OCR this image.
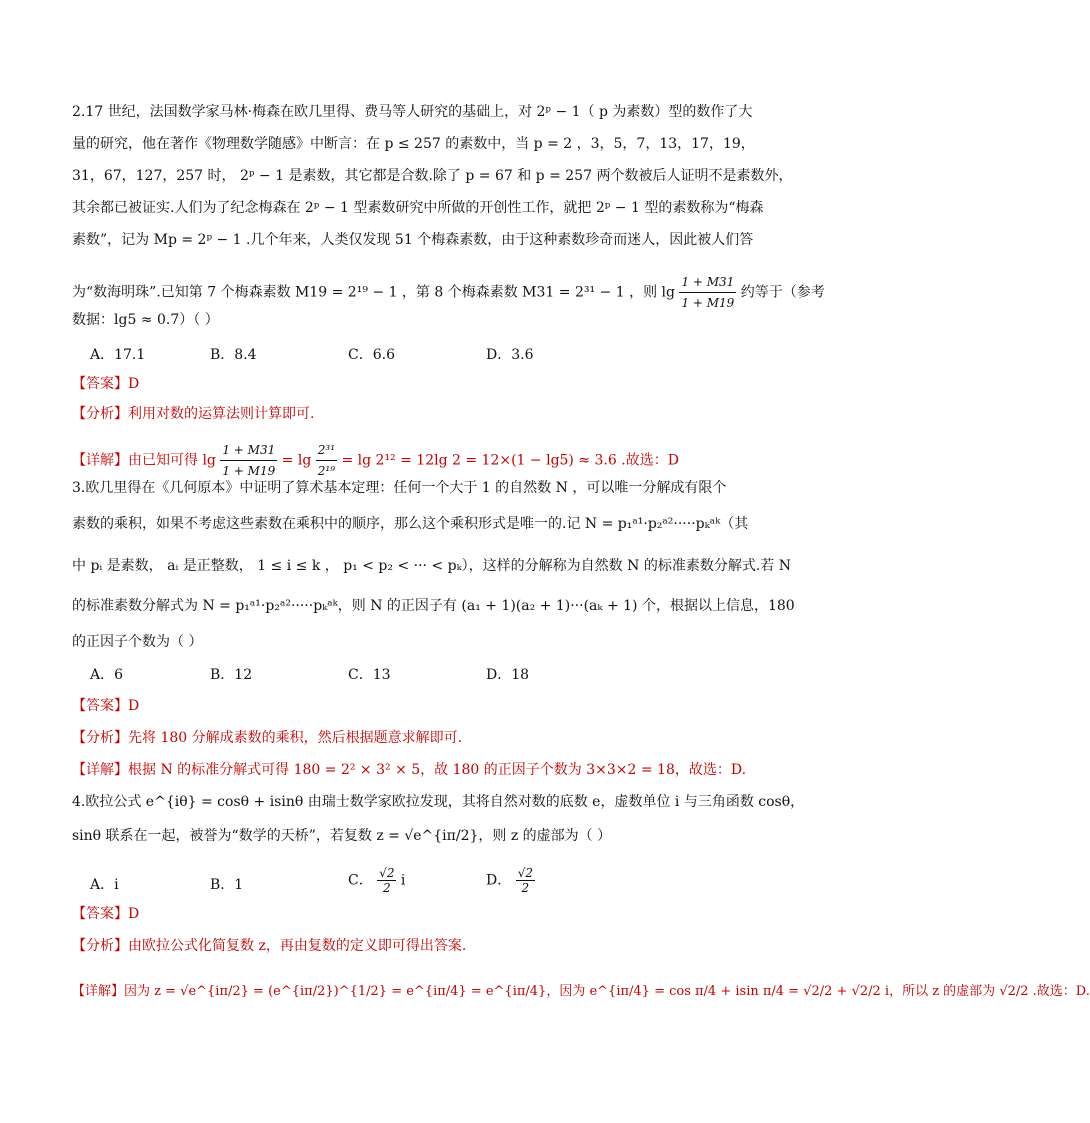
2.17 世纪，法国数学家马林·梅森在欧几里得、费马等人研究的基础上，对 2ᵖ − 1（ p 为素数）型的数作了大
量的研究，他在著作《物理数学随感》中断言：在 p ≤ 257 的素数中，当 p = 2 ，3，5，7，13，17，19，
31，67，127，257 时， 2ᵖ − 1 是素数，其它都是合数.除了 p = 67 和 p = 257 两个数被后人证明不是素数外，
其余都已被证实.人们为了纪念梅森在 2ᵖ − 1 型素数研究中所做的开创性工作，就把 2ᵖ − 1 型的素数称为“梅森
素数”，记为 Mp = 2ᵖ − 1 .几个年来，人类仅发现 51 个梅森素数，由于这种素数珍奇而迷人，因此被人们答
为“数海明珠”.已知第 7 个梅森素数 M19 = 2¹⁹ − 1 ，第 8 个梅森素数 M31 = 2³¹ − 1 ，则 $\lg \frac{1 + M31}{1 + M19}$ 约等于（参考
数据：lg5 ≈ 0.7）（ ）
A．17.1	B．8.4	C．6.6	D．3.6
【答案】D
【分析】利用对数的运算法则计算即可.
【详解】由已知可得 $\lg \frac{1 + M31}{1 + M19} = \lg \frac{\text{2³¹}}{\text{2¹⁹}} = \lg 2^{12} = 12\lg$ 2 = 12×(1 − lg5) ≈ 3.6 .故选：D
3.欧几里得在《几何原本》中证明了算术基本定理：任何一个大于 1 的自然数 N ，可以唯一分解成有限个
素数的乘积，如果不考虑这些素数在乘积中的顺序，那么这个乘积形式是唯一的.记 N = p₁ᵃ¹·p₂ᵃ²·····pₖᵃᵏ（其
中 pᵢ 是素数， aᵢ 是正整数， 1 ≤ i ≤ k ， p₁ < p₂ < ··· < pₖ），这样的分解称为自然数 N 的标准素数分解式.若 N
的标准素数分解式为 N = p₁ᵃ¹·p₂ᵃ²·····pₖᵃᵏ，则 N 的正因子有 (a₁ + 1)(a₂ + 1)···(aₖ + 1) 个，根据以上信息，180
的正因子个数为（ ）
A．6	B．12	C．13	D．18
【答案】D
【分析】先将 180 分解成素数的乘积，然后根据题意求解即可.
【详解】根据 N 的标准分解式可得 180 = 2² × 3² × 5，故 180 的正因子个数为 3×3×2 = 18，故选：D.
4.欧拉公式 e^{iθ} = cosθ + isinθ 由瑞士数学家欧拉发现，其将自然对数的底数 e，虚数单位 i 与三角函数 cosθ，
sinθ 联系在一起，被誉为“数学的天桥”，若复数 z = √e^{iπ/2}，则 z 的虚部为（ ）
A．i	B．1	C． $\frac{√2}{2}$ i	D． $\frac{√2}{2}$
【答案】D
【分析】由欧拉公式化简复数 z，再由复数的定义即可得出答案.
【详解】因为 z = √e^{iπ/2} = (e^{iπ/2})^{1/2} = e^{iπ/4} = e^{iπ/4}，因为 e^{iπ/4} = cos π/4 + isin π/4 = √2/2 + √2/2 i，所以 z 的虚部为 √2/2 .故选：D.
